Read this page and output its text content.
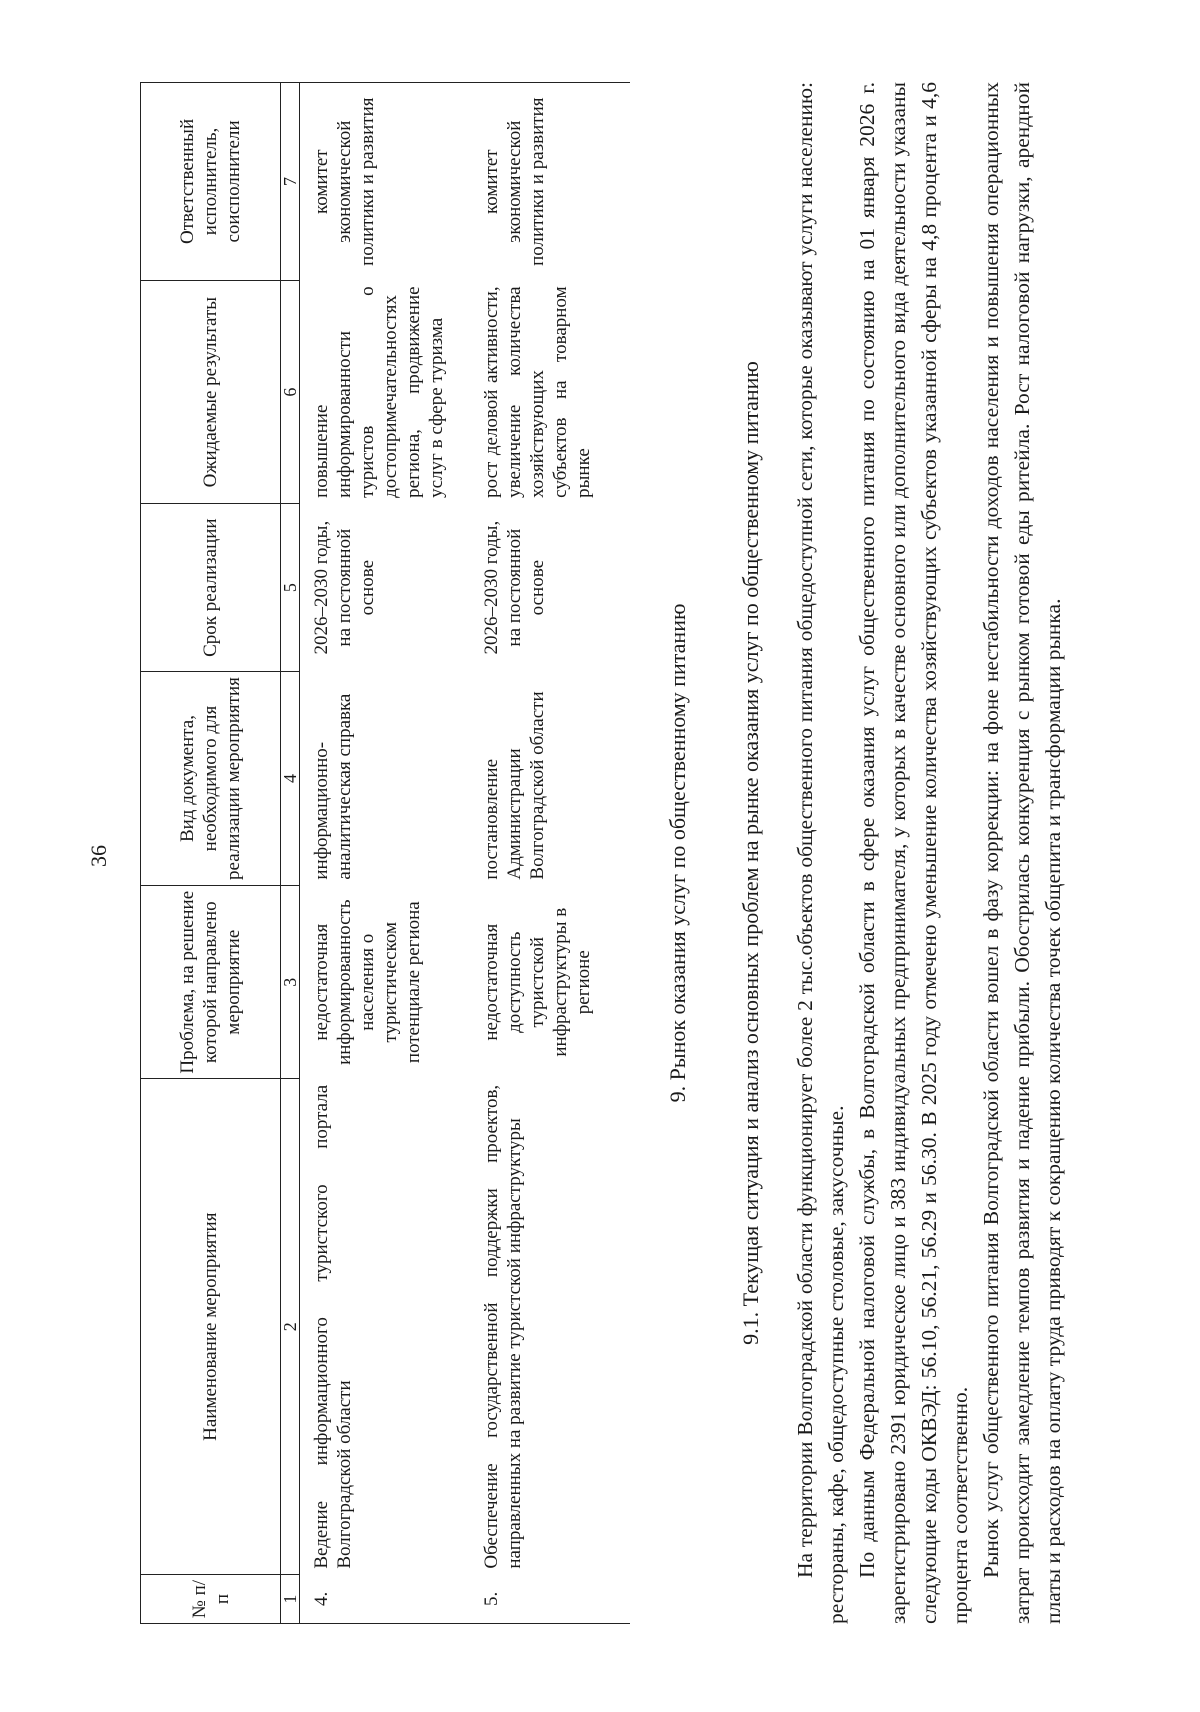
36
№ п/п	Наименование мероприятия	Проблема, на решение которой направлено мероприятие	Вид документа, необходимого для реализации мероприятия	Срок реализации	Ожидаемые результаты	Ответственный исполнитель, соисполнители
1	2	3	4	5	6	7
4.	Ведение информационного туристского портала Волгоградской области	недостаточная информированность населения о туристическом потенциале региона	информационно-аналитическая справка	2026–2030 годы, на постоянной основе	повышение информированности туристов о достопримечательностях региона, продвижение услуг в сфере туризма	комитет экономической политики и развития
5.	Обеспечение государственной поддержки проектов, направленных на развитие туристской инфраструктуры	недостаточная доступность туристской инфраструктуры в регионе	постановление Администрации Волгоградской области	2026–2030 годы, на постоянной основе	рост деловой активности, увеличение количества хозяйствующих субъектов на товарном рынке	комитет экономической политики и развития
9. Рынок оказания услуг по общественному питанию 9.1. Текущая ситуация и анализ основных проблем на рынке оказания услуг по общественному питанию На территории Волгоградской области функционирует более 2 тыс.объектов общественного питания общедоступной сети, которые оказывают услуги населению: рестораны, кафе, общедоступные столовые, закусочные. По данным Федеральной налоговой службы, в Волгоградской области в сфере оказания услуг общественного питания по состоянию на 01 января 2026 г. зарегистрировано 2391 юридическое лицо и 383 индивидуальных предпринимателя, у которых в качестве основного или дополнительного вида деятельности указаны следующие коды ОКВЭД: 56.10, 56.21, 56.29 и 56.30. В 2025 году отмечено уменьшение количества хозяйствующих субъектов указанной сферы на 4,8 процента и 4,6 процента соответственно. Рынок услуг общественного питания Волгоградской области вошел в фазу коррекции: на фоне нестабильности доходов населения и повышения операционных затрат происходит замедление темпов развития и падение прибыли. Обострилась конкуренция с рынком готовой еды ритейла. Рост налоговой нагрузки, арендной платы и расходов на оплату труда приводят к сокращению количества точек общепита и трансформации рынка.
